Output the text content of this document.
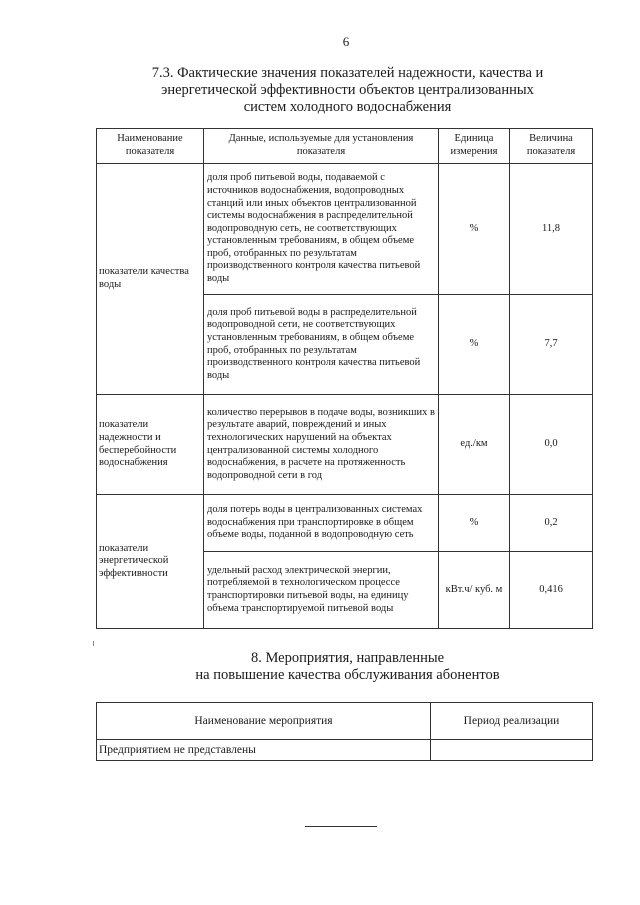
6
7.3. Фактические значения показателей надежности, качества и
энергетической эффективности объектов централизованных
систем холодного водоснабжения
Наименование показателя	Данные, используемые для установления показателя	Единица измерения	Величина показателя
показатели качества воды	доля проб питьевой воды, подаваемой с источников водоснабжения, водопроводных станций или иных объектов централизованной системы водоснабжения в распределительной водопроводную сеть, не соответствующих установленным требованиям, в общем объеме проб, отобранных по результатам производственного контроля качества питьевой воды	%	11,8
	доля проб питьевой воды в распределительной водопроводной сети, не соответствующих установленным требованиям, в общем объеме проб, отобранных по результатам производственного контроля качества питьевой воды	%	7,7
показатели надежности и бесперебойности водоснабжения	количество перерывов в подаче воды, возникших в результате аварий, повреждений и иных технологических нарушений на объектах централизованной системы холодного водоснабжения, в расчете на протяженность водопроводной сети в год	ед./км	0,0
показатели энергетической эффективности	доля потерь воды в централизованных системах водоснабжения при транспортировке в общем объеме воды, поданной в водопроводную сеть	%	0,2
	удельный расход электрической энергии, потребляемой в технологическом процессе транспортировки питьевой воды, на единицу объема транспортируемой питьевой воды	кВт.ч/ куб. м	0,416
8. Мероприятия, направленные
на повышение качества обслуживания абонентов
Наименование мероприятия	Период реализации
Предприятием не представлены	
